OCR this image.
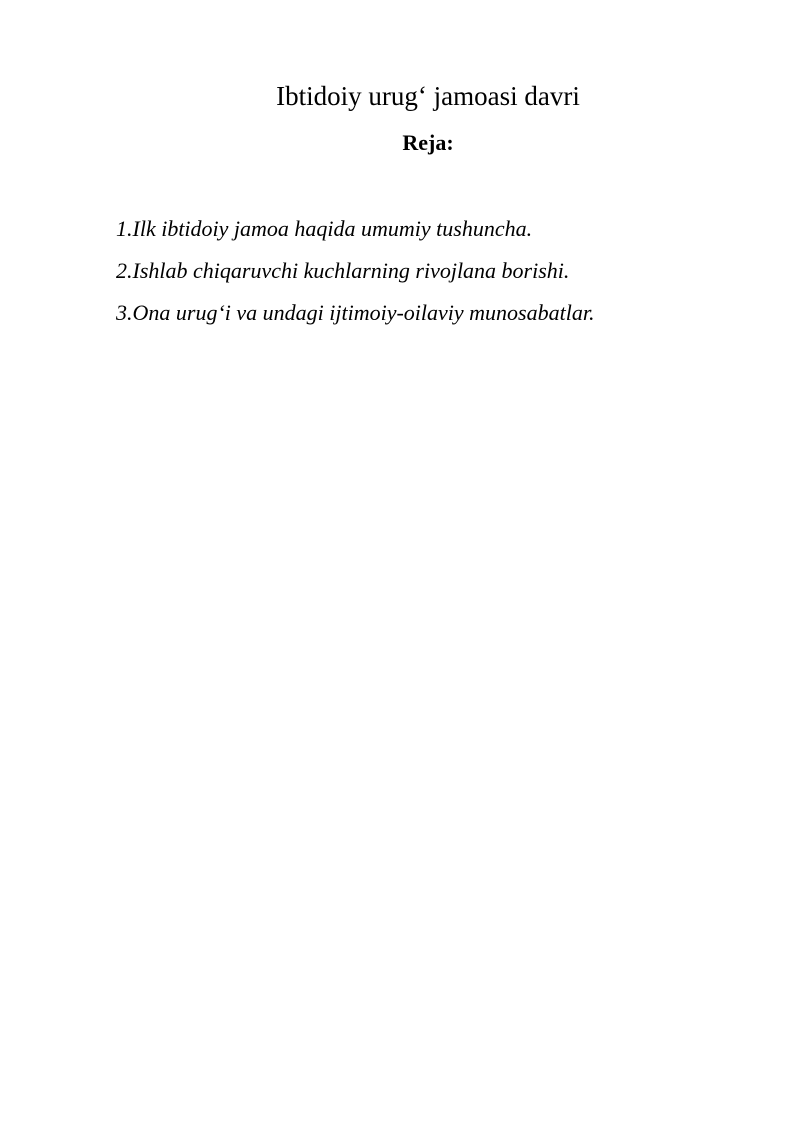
Ibtidoiy urug‘ jamoasi davri
Reja:
1.Ilk ibtidoiy jamoa haqida umumiy tushuncha.
2.Ishlab chiqaruvchi kuchlarning rivojlana borishi.
3.Ona urug‘i va undagi ijtimoiy-oilaviy munosabatlar.
